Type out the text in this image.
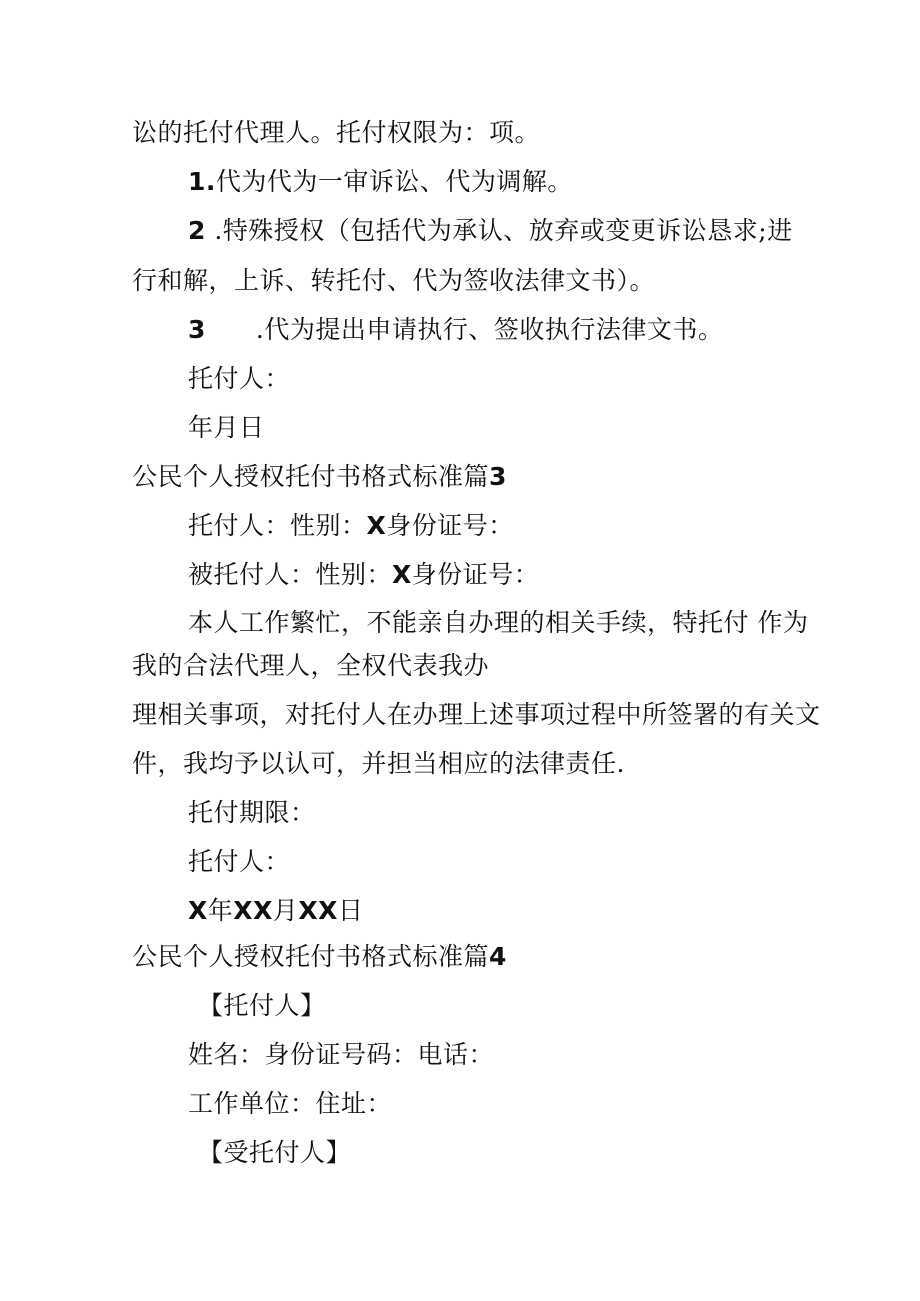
讼的托付代理人。托付权限为：项。
1.代为代为一审诉讼、代为调解。
2 .特殊授权（包括代为承认、放弃或变更诉讼恳求;进
行和解，上诉、转托付、代为签收法律文书）。
3 .代为提出申请执行、签收执行法律文书。
托付人：
年月日
公民个人授权托付书格式标准篇3
托付人：性别：X身份证号：
被托付人：性别：X身份证号：
本人工作繁忙，不能亲自办理的相关手续，特托付 作为
我的合法代理人，全权代表我办
理相关事项，对托付人在办理上述事项过程中所签署的有关文
件，我均予以认可，并担当相应的法律责任.
托付期限：
托付人：
X年XX月XX日
公民个人授权托付书格式标准篇4
【托付人】
姓名：身份证号码：电话：
工作单位：住址：
【受托付人】
